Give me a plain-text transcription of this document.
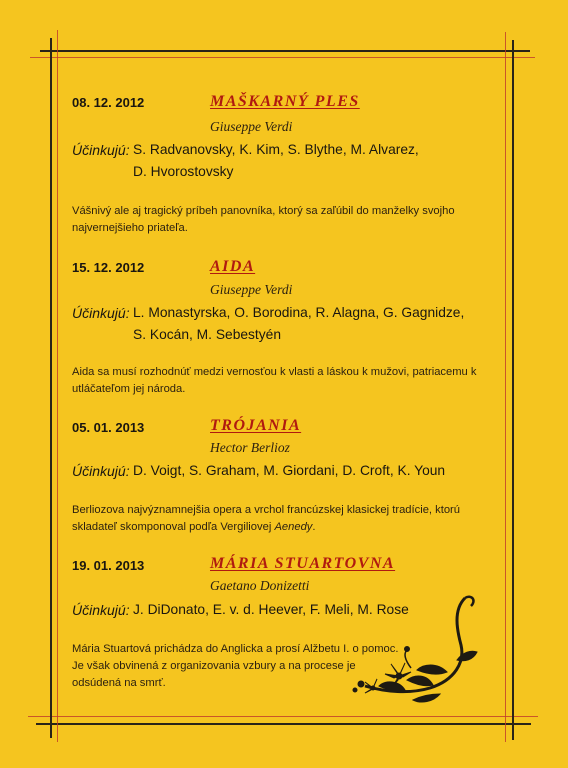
08. 12. 2012	MAŠKARNÝ PLES
Giuseppe Verdi
Účinkujú: S. Radvanovsky, K. Kim, S. Blythe, M. Alvarez,
D. Hvorostovsky
Vášnivý ale aj tragický príbeh panovníka, ktorý sa zaľúbil do manželky svojho
najvernejšieho priateľa.
15. 12. 2012	AIDA
Giuseppe Verdi
Účinkujú: L. Monastyrska, O. Borodina, R. Alagna, G. Gagnidze,
S. Kocán, M. Sebestyén
Aida sa musí rozhodnúť medzi vernosťou k vlasti a láskou k mužovi, patriacemu k
utláčateľom jej národa.
05. 01. 2013	TRÓJANIA
Hector Berlioz
Účinkujú: D. Voigt, S. Graham, M. Giordani, D. Croft, K. Youn
Berliozova najvýznamnejšia opera a vrchol francúzskej klasickej tradície, ktorú
skladateľ skomponoval podľa Vergiliovej Aenedy.
19. 01. 2013	MÁRIA STUARTOVNA
Gaetano Donizetti
Účinkujú: J. DiDonato, E. v. d. Heever, F. Meli, M. Rose
Mária Stuartová prichádza do Anglicka a prosí Alžbetu I. o pomoc.
Je však obvinená z organizovania vzbury a na procese je
odsúdená na smrť.
